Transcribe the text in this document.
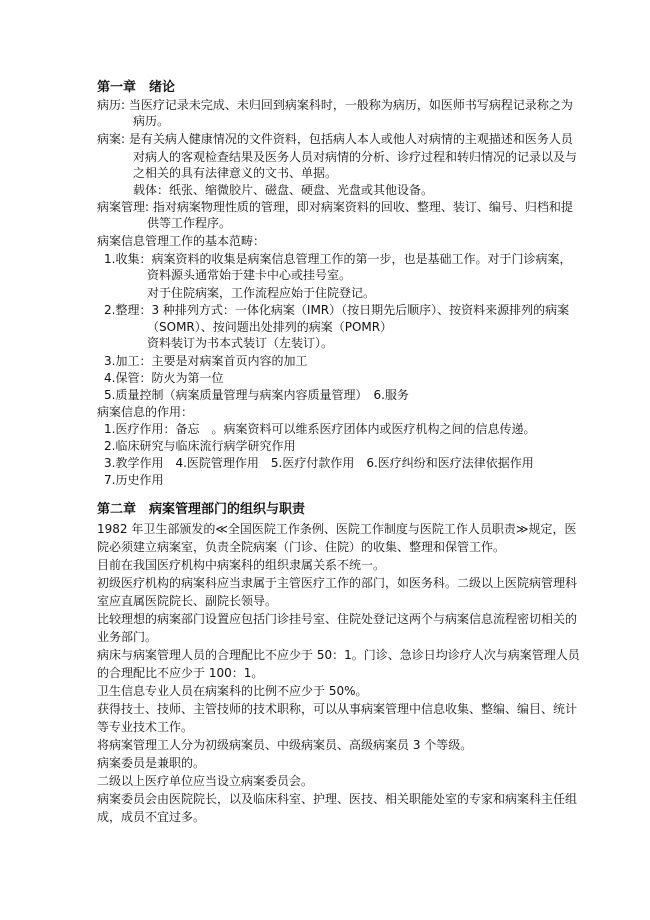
第一章　绪论
病历: 当医疗记录未完成、未归回到病案科时，一般称为病历，如医师书写病程记录称之为
病历。
病案: 是有关病人健康情况的文件资料，包括病人本人或他人对病情的主观描述和医务人员
对病人的客观检查结果及医务人员对病情的分析、诊疗过程和转归情况的记录以及与
之相关的具有法律意义的文书、单据。
载体：纸张、缩微胶片、磁盘、硬盘、光盘或其他设备。
病案管理: 指对病案物理性质的管理，即对病案资料的回收、整理、装订、编号、归档和提
供等工作程序。
病案信息管理工作的基本范畴：
1.收集：病案资料的收集是病案信息管理工作的第一步，也是基础工作。对于门诊病案，
资料源头通常始于建卡中心或挂号室。
对于住院病案，工作流程应始于住院登记。
2.整理：3 种排列方式：一体化病案（IMR）（按日期先后顺序）、按资料来源排列的病案
（SOMR）、按问题出处排列的病案（POMR）
资料装订为书本式装订（左装订）。
3.加工：主要是对病案首页内容的加工
4.保管：防火为第一位
5.质量控制（病案质量管理与病案内容质量管理）　6.服务
病案信息的作用：
1.医疗作用：备忘　。病案资料可以维系医疗团体内或医疗机构之间的信息传递。
2.临床研究与临床流行病学研究作用
3.教学作用　4.医院管理作用　5.医疗付款作用　6.医疗纠纷和医疗法律依据作用
7.历史作用
第二章　病案管理部门的组织与职责
1982 年卫生部颁发的≪全国医院工作条例、医院工作制度与医院工作人员职责≫规定，医
院必须建立病案室，负责全院病案（门诊、住院）的收集、整理和保管工作。
目前在我国医疗机构中病案科的组织隶属关系不统一。
初级医疗机构的病案科应当隶属于主管医疗工作的部门，如医务科。二级以上医院病管理科
室应直属医院院长、副院长领导。
比较理想的病案部门设置应包括门诊挂号室、住院处登记这两个与病案信息流程密切相关的
业务部门。
病床与病案管理人员的合理配比不应少于 50：1。门诊、急诊日均诊疗人次与病案管理人员
的合理配比不应少于 100：1。
卫生信息专业人员在病案科的比例不应少于 50%。
获得技士、技师、主管技师的技术职称，可以从事病案管理中信息收集、整编、编目、统计
等专业技术工作。
将病案管理工人分为初级病案员、中级病案员、高级病案员 3 个等级。
病案委员是兼职的。
二级以上医疗单位应当设立病案委员会。
病案委员会由医院院长，以及临床科室、护理、医技、相关职能处室的专家和病案科主任组
成，成员不宜过多。
